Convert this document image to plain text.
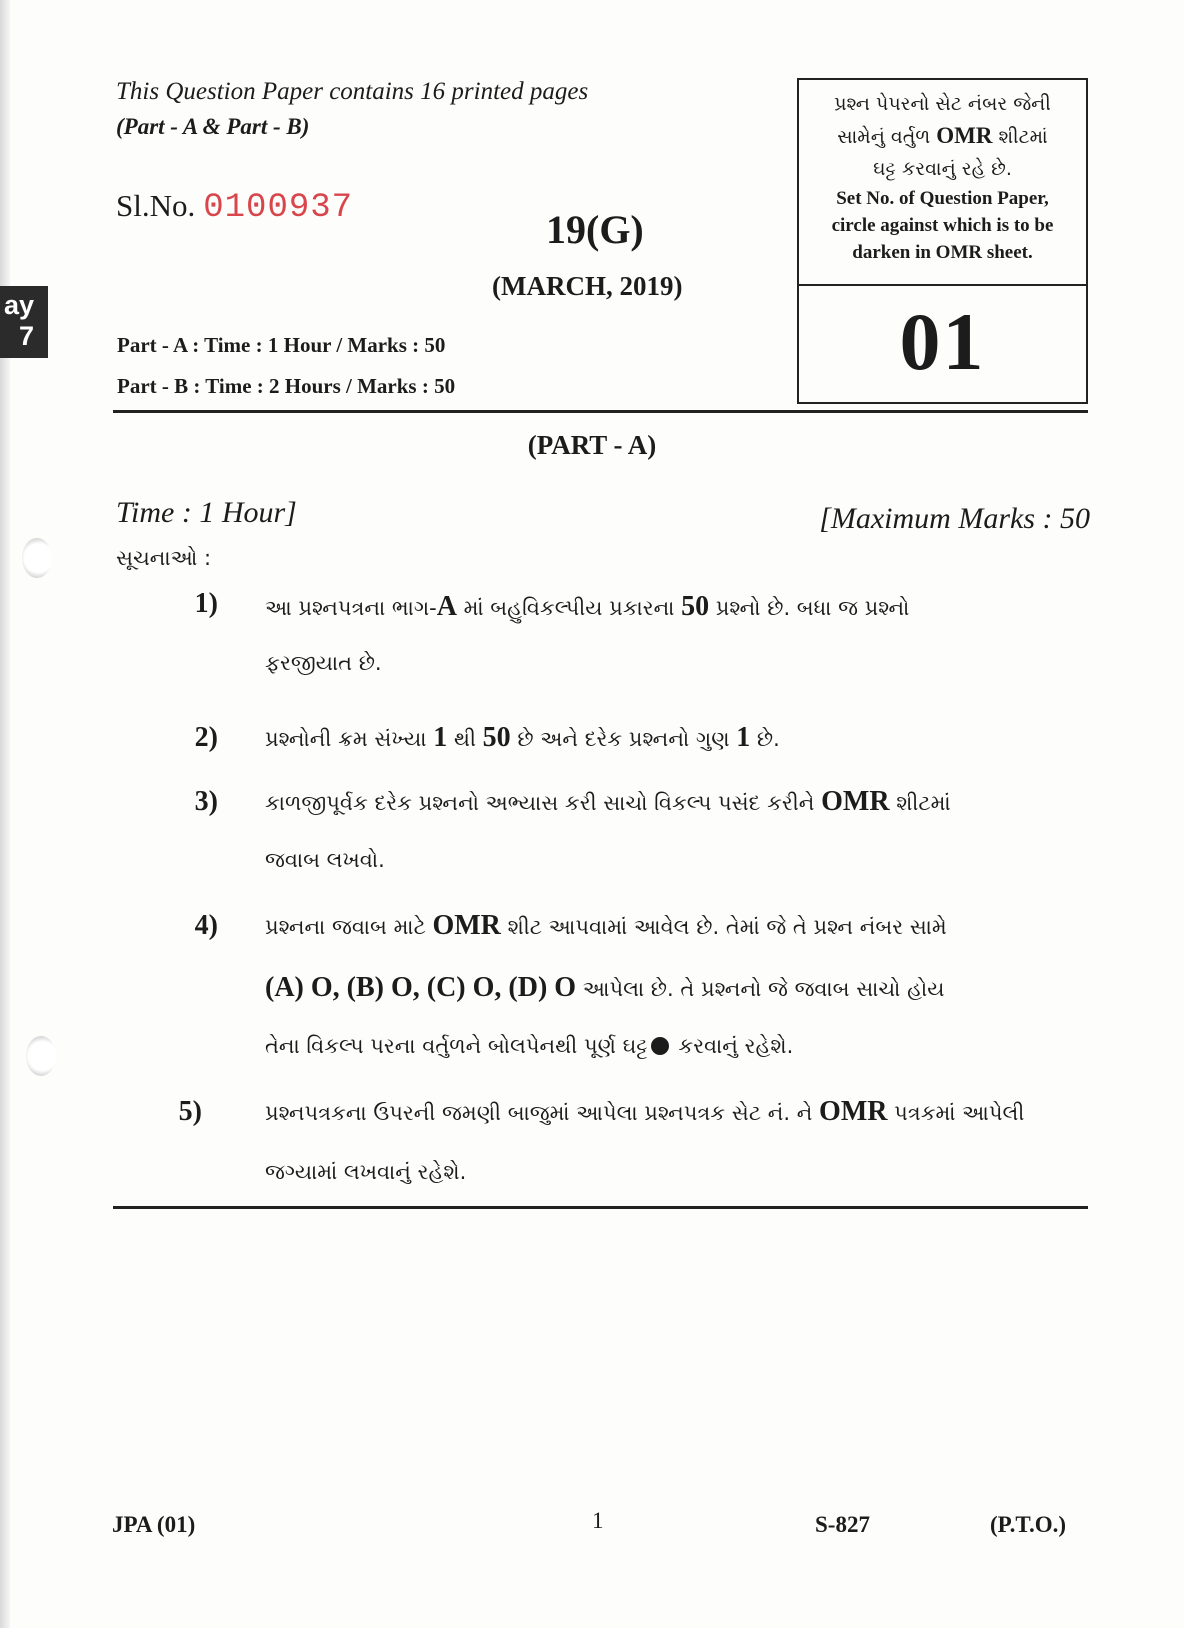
ay
7
This Question Paper contains 16 printed pages
(Part - A & Part - B)
Sl.No. 0100937	19(G)
(MARCH, 2019)
Part - A : Time : 1 Hour / Marks : 50
Part - B : Time : 2 Hours / Marks : 50
પ્રશ્ન પેપરનો સેટ નંબર જેની
સામેનું વર્તુળ OMR શીટમાં
ઘટ્ટ કરવાનું રહે છે.
Set No. of Question Paper,
circle against which is to be
darken in OMR sheet.
01
(PART - A)
Time : 1 Hour]	[Maximum Marks : 50
સૂચનાઓ :
1) આ પ્રશ્નપત્રના ભાગ-A માં બહુવિકલ્પીય પ્રકારના 50 પ્રશ્નો છે. બધા જ પ્રશ્નો
ફરજીયાત છે.
2) પ્રશ્નોની ક્રમ સંખ્યા 1 થી 50 છે અને દરેક પ્રશ્નનો ગુણ 1 છે.
3) કાળજીપૂર્વક દરેક પ્રશ્નનો અભ્યાસ કરી સાચો વિકલ્પ પસંદ કરીને OMR શીટમાં
જવાબ લખવો.
4) પ્રશ્નના જવાબ માટે OMR શીટ આપવામાં આવેલ છે. તેમાં જે તે પ્રશ્ન નંબર સામે
(A) O, (B) O, (C) O, (D) O આપેલા છે. તે પ્રશ્નનો જે જવાબ સાચો હોય
તેના વિકલ્પ પરના વર્તુળને બોલપેનથી પૂર્ણ ઘટ્ટ કરવાનું રહેશે.
5)	પ્રશ્નપત્રકના ઉપરની જમણી બાજુમાં આપેલા પ્રશ્નપત્રક સેટ નં. ને OMR પત્રકમાં આપેલી
જગ્યામાં લખવાનું રહેશે.
JPA (01)	1	S-827	(P.T.O.)
